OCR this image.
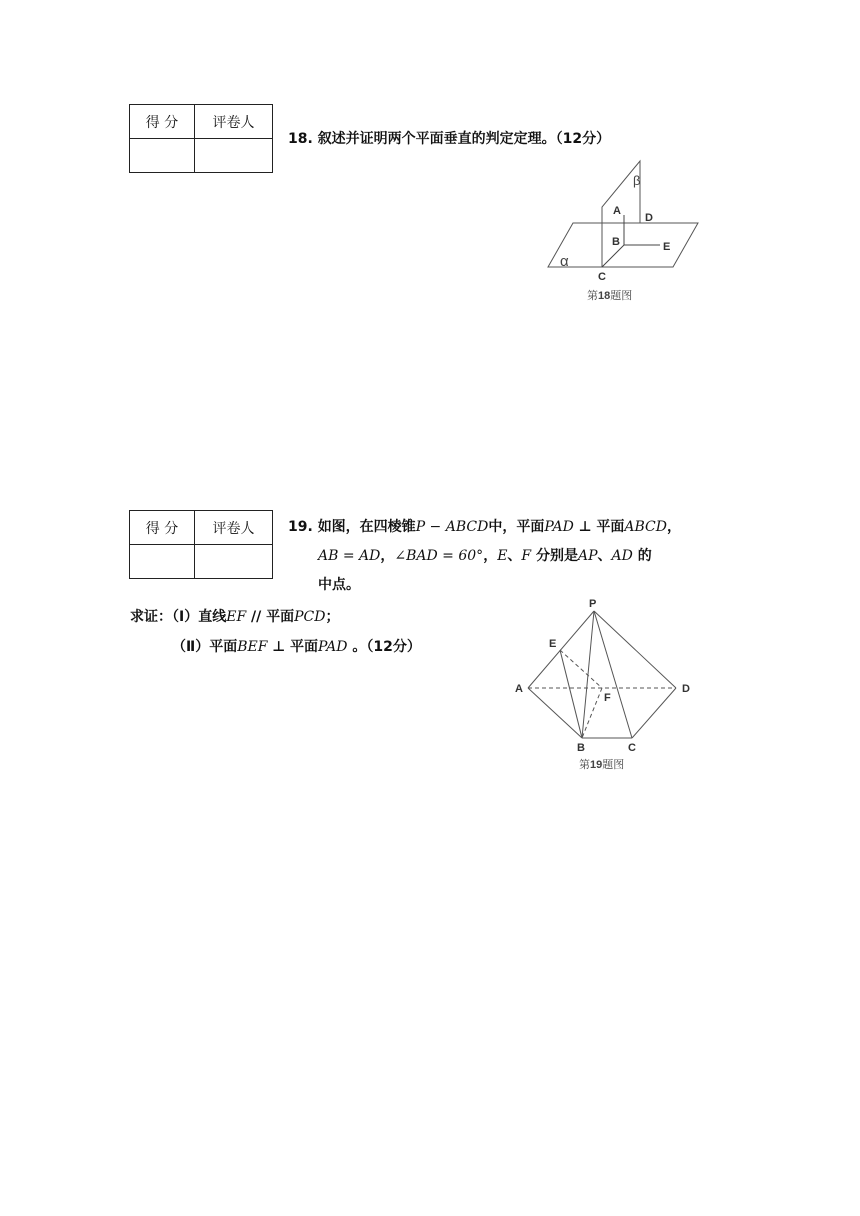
得 分	评卷人

18. 叙述并证明两个平面垂直的判定定理。（12分）
β
A
D
B	E
α
C
第18题图
得 分	评卷人
	19. 如图，在四棱锥P − ABCD中，平面PAD ⊥ 平面ABCD，
AB = AD，∠BAD = 60°，E、F 分别是AP、AD 的
中点。
求证：（Ⅰ）直线EF // 平面PCD；
（Ⅱ）平面BEF ⊥ 平面PAD 。（12分）
P
E
A
F
D
B	C
第19题图
